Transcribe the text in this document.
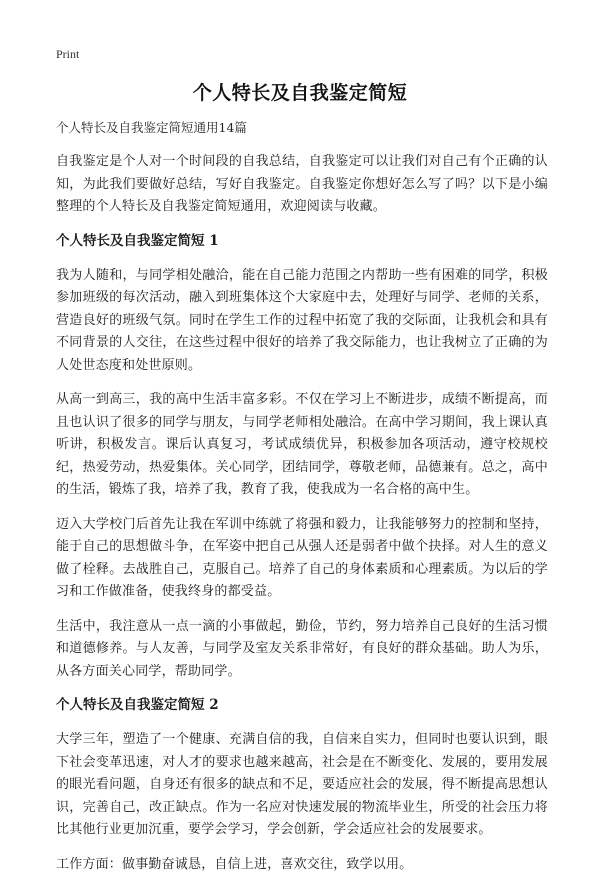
Print
个人特长及自我鉴定简短
个人特长及自我鉴定简短通用14篇

自我鉴定是个人对一个时间段的自我总结，自我鉴定可以让我们对自己有个正确的认知，为此我们要做好总结，写好自我鉴定。自我鉴定你想好怎么写了吗？以下是小编整理的个人特长及自我鉴定简短通用，欢迎阅读与收藏。

个人特长及自我鉴定简短 1

我为人随和，与同学相处融洽，能在自己能力范围之内帮助一些有困难的同学，积极参加班级的每次活动，融入到班集体这个大家庭中去，处理好与同学、老师的关系，营造良好的班级气氛。同时在学生工作的过程中拓宽了我的交际面，让我机会和具有不同背景的人交往，在这些过程中很好的培养了我交际能力，也让我树立了正确的为人处世态度和处世原则。

从高一到高三，我的高中生活丰富多彩。不仅在学习上不断进步，成绩不断提高，而且也认识了很多的同学与朋友，与同学老师相处融洽。在高中学习期间，我上课认真听讲，积极发言。课后认真复习，考试成绩优异，积极参加各项活动，遵守校规校纪，热爱劳动，热爱集体。关心同学，团结同学，尊敬老师，品德兼有。总之，高中的生活，锻炼了我，培养了我，教育了我，使我成为一名合格的高中生。

迈入大学校门后首先让我在军训中练就了将强和毅力，让我能够努力的控制和坚持，能于自己的思想做斗争，在军姿中把自己从强人还是弱者中做个抉择。对人生的意义做了栓释。去战胜自己，克服自己。培养了自己的身体素质和心理素质。为以后的学习和工作做准备，使我终身的都受益。

生活中，我注意从一点一滴的小事做起，勤俭，节约，努力培养自己良好的生活习惯和道德修养。与人友善，与同学及室友关系非常好，有良好的群众基础。助人为乐，从各方面关心同学，帮助同学。

个人特长及自我鉴定简短 2

大学三年，塑造了一个健康、充满自信的我，自信来自实力，但同时也要认识到，眼下社会变革迅速，对人才的要求也越来越高，社会是在不断变化、发展的，要用发展的眼光看问题，自身还有很多的缺点和不足，要适应社会的发展，得不断提高思想认识，完善自己，改正缺点。作为一名应对快速发展的物流毕业生，所受的社会压力将比其他行业更加沉重，要学会学习，学会创新，学会适应社会的发展要求。

工作方面：做事勤奋诚恳，自信上进，喜欢交往，致学以用。
